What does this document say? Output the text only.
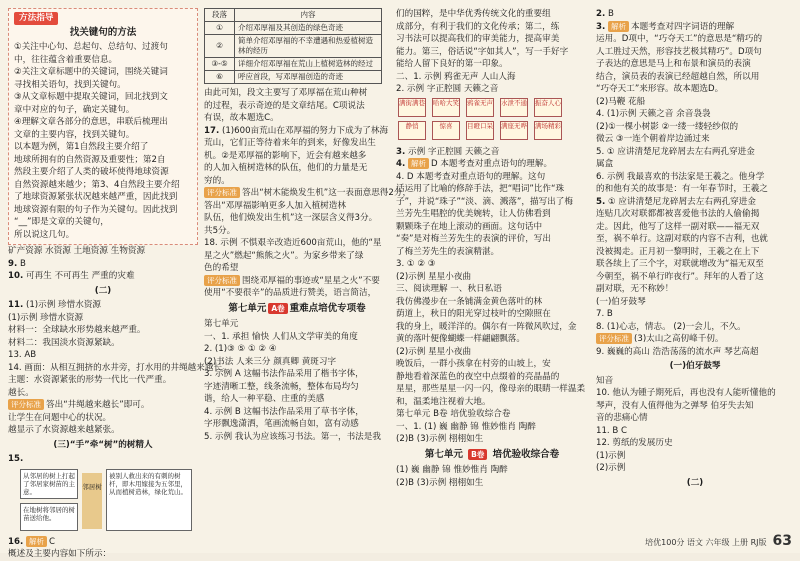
方法指导
找关键句的方法
①关注中心句、总起句、总结句、过渡句
中，往往蕴含着重要信息。
②关注文章标题中的关键词，围绕关键词
寻找相关语句，找到关键句。
③从文章标题中提取关键词，回北找到文
章中对应的句子，确定关键句。
④理解文章各部分的意思，串联后梳理出
文章的主要内容，找到关键句。
以本题为例，第1自然段主要介绍了
地球所拥有的自然资源及重要性；第2自
然段主要介绍了人类的破坏使得地球资源
自然资源越来越少；第3、4自然段主要介绍
了地球资源紧张状况越来越严重，因此找到
地球资源有限的句子作为关键句。因此找到
“__”即是文章的关键句，
所以说这几句。
矿产资源 水资源 土地资源 生物资源
9. B
10. 可再生 不可再生 严重的灾难
(二)
11. (1)示例 珍惜水资源
(1)示例 珍惜水资源
材料一：全球缺水形势越来越严重。
材料二：我国淡水资源紧缺。
13. AB
14. 画面：从相互拥挤的水井旁，打水用的井绳越来越长。
主题：水资源紧张的形势一代比一代严重。
越长。
评分标准 答出“井绳越来越长”即可。
让学生在问题中心的状况。
越显示了水资源越来越紧张。
(三)“手”牵“树”的树精人
15.
从邻居的树上打起了邻居家树苗的主意。
在地树将邻居的树苗送给他。
邻居树
被别人救出来的有刺的树杆，即木用嫁接为五邻里，从而植树造林，绿化荒山。
16. 解析 C
概述及主要内容如下所示：
段落	内容
①	介绍邓厚福及其创造的绿色奇迹
②	简单介绍邓厚福的不幸遭遇和热爱植树造林的经历
③-⑤	详细介绍邓厚福在荒山上植树造林的经过
⑥	呼应首段，写邓厚福创造的奇迹
由此可知，段文主要写了邓厚福在荒山种树
的过程，表示奇迹的是文章结尾。C项说法
有误，故本题选C。
17. (1)600亩荒山在邓厚福的努力下成为了林海
荒山，它们正等待着来年的到来，好像发出生
机。②是邓厚福的影响下，近会有越来越多
的人加入植树造林的队伍，他们的力量是无
穷的。
评分标准 答出“树木能焕发生机”这一表面意思得2分，
答出“邓厚福影响更多人加入植树造林
队伍，他们焕发出生机”这一深层含义得3分。
共5分。
18. 示例 不惧艰辛改造近600亩荒山，他的“星
星之火”燃起“熊熊之火”。为家乡带来了绿
色的希望
评分标准 围绕邓厚福的事迹或“星星之火”不要
使用“不要很辛”的品质进行赞美，语言简洁，
第七单元 A卷 重难点培优专项卷
第七单元
一、1. 承担 愉快 人们从文学审美的角度
2. (1)③ ⑤ ① ② ④
(2)书法 人来三分 颜真卿 黄斑习字
3. 示例 A 这幅书法作品采用了楷书字体，
字迹清晰工整，线条流畅，整体布局均匀
谐，给人一种平稳、庄重的美感
4. 示例 B 这幅书法作品采用了草书字体，
字形飘逸潇洒，笔画流畅自如，富有动感
5. 示例 我认为应该练习书法。第一，书法是我
们的国粹，是中华优秀传统文化的重要组
成部分，有利于我们的文化传承；第二，练
习书法可以提高我们的审美能力，提高审美
能力。第三，俗话说“字如其人”，写一手好字
能给人留下良好的第一印象。
二、1. 示例 鸦雀无声 人山人海
2. 示例 字正腔圆 天籁之音
满街满巷 哈哈大笑 鸦雀无声 水泄不通 振奋人心
静悄	惊喜	目瞪口呆 满座无哗 满场精彩
3. 示例 字正腔圆 天籁之音
4. 解析 D 本题考查对重点语句的理解。
4. D 本题考查对重点语句的理解。这句
话运用了比喻的修辞手法，把“唱词”比作“珠
子”，并说“珠子”“淡、滴、溅落”，描写出了梅
兰芳先生唱腔的优美婉转，让人仿佛看到
颗颗珠子在地上滚动的画面。这句话中
“奏”是对梅兰芳先生的表演的评价，写出
了梅兰芳先生的表演精湛。
3. ① ② ③
(2)示例 星星小夜曲
三、阅读理解 一、秋日私语
我仿佛漫步在一条铺满金黄色落叶的林
荫道上，秋日的阳光穿过枝叶的空隙照在
我的身上，暖洋洋的。偶尔有一阵微风吹过，金
黄的落叶便像蝴蝶一样翩翩飘落。
(2)示例 星星小夜曲
晚饭后，一群小孩拿在村旁的山坡上，安
静地看着深蓝色的夜空中点缀着的亮晶晶的
星星，那些星星一闪一闪，像母亲的眼睛一样温柔
和，温柔地注视着大地。
第七单元 B卷 培优验收综合卷
一、1. (1) 巍 幽静 锦 惟妙惟肖 陶醉
(2)B (3)示例 栩栩如生
第七单元 B卷 培优验收综合卷
(1) 巍 幽静 锦 惟妙惟肖 陶醉
(2)B (3)示例 栩栩如生
2. B
3. 解析 本题考查对四字词语的理解
运用。D项中，“巧夺天工”的意思是“精巧的
人工胜过天然，形容技艺极其精巧”。D项句
子表达的意思是马上和布景和演员的表演
结合，演员表的表演已经超越自然，所以用
“巧夺天工”来形容。故本题选D。
(2)马鞭 花船
4. (1)示例 天籁之音 余音袅袅
(2)①一棵小树影 ②一缕一缕轻纱似的
微云 ③一连个朝着岸边涌过来
5. ① 应讲清楚尼龙碎屑去左右两孔穿进金
属盒
6. 示例 我最喜欢的书法家是王羲之。他身学
的和他有关的故事是：有一年春节时，王羲之
5. ① 应讲清楚尼龙碎屑去左右两孔穿进金
连贴几次对联都都被喜爱他书法的人偷偷揭
走。因此，他写了这样一副对联——福无双
至，祸不单行。这副对联的内容不吉利，也就
没被揭走。正月初一黎明时，王羲之在上下
联各续上了三个字，对联就增改为“福无双至
今朝至，祸不单行昨夜行”。拜年的人看了这
副对联，无不称妙！
(一)伯牙鼓琴
7. B
8. (1)心志，情志。 (2)一会儿，不久。
评分标准 (3)太山之高仞峰千仞。
9. 巍巍的高山 浩浩荡荡的流水声 琴艺高超
(一)伯牙鼓琴
知音
10. 他认为锺子期死后，再也没有人能听懂他的
琴声，没有人值得他为之弹琴 伯牙失去知
音的悲痛心情
11. B C
12. 剪纸的发展历史
(1)示例
(2)示例
(二)
培优100分 语文 六年级 上册 RJ版 63
